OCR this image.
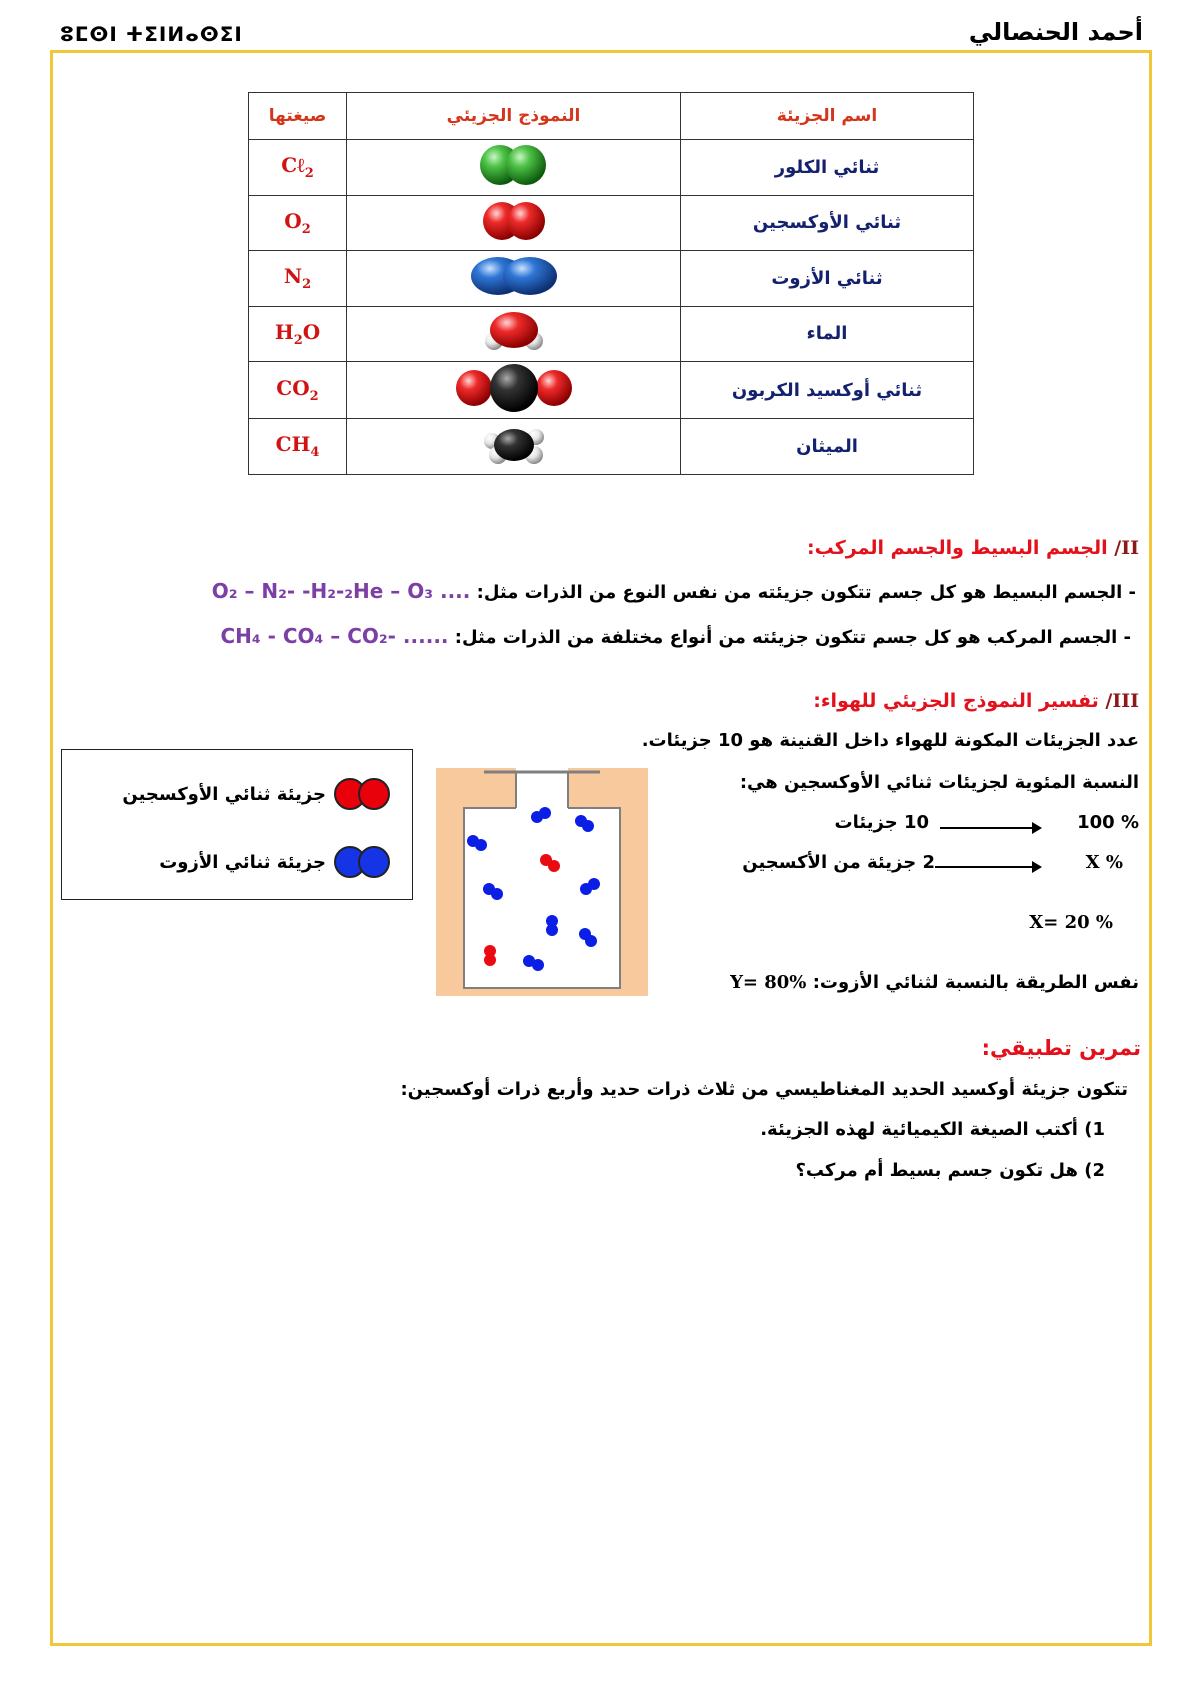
ⵓⵎⵙⵏ ⵜⵉⵏⵍⴰⵙⵉⵏ	أحمد الحنصالي
اسم الجزيئة	النموذج الجزيئي	صيغتها
ثنائي الكلور		Cℓ$_2$
ثنائي الأوكسجين		$O_2$
ثنائي الأزوت		$N_2$
الماء		$H_2O$
ثنائي أوكسيد الكربون		$CO_2$
الميثان		$CH_4$
II/ الجسم البسيط والجسم المركب:
- الجسم البسيط هو كل جسم تتكون جزيئته من نفس النوع من الذرات مثل: O₂ – N₂- -H₂-₂He – O₃ ....
- الجسم المركب هو كل جسم تتكون جزيئته من أنواع مختلفة من الذرات مثل: CH₄ - CO₄ – CO₂- ......
III/ تفسير النموذج الجزيئي للهواء:
عدد الجزيئات المكونة للهواء داخل القنينة هو 10 جزيئات.
النسبة المئوية لجزيئات ثنائي الأوكسجين هي:
100 %
10 جزيئات
X %
2 جزيئة من الأكسجين
X= 20 %
نفس الطريقة بالنسبة لثنائي الأزوت: Y= 80%
جزيئة ثنائي الأوكسجين
جزيئة ثنائي الأزوت
تمرين تطبيقي:
تتكون جزيئة أوكسيد الحديد المغناطيسي من ثلاث ذرات حديد وأربع ذرات أوكسجين:
1) أكتب الصيغة الكيميائية لهذه الجزيئة.
2) هل تكون جسم بسيط أم مركب؟
